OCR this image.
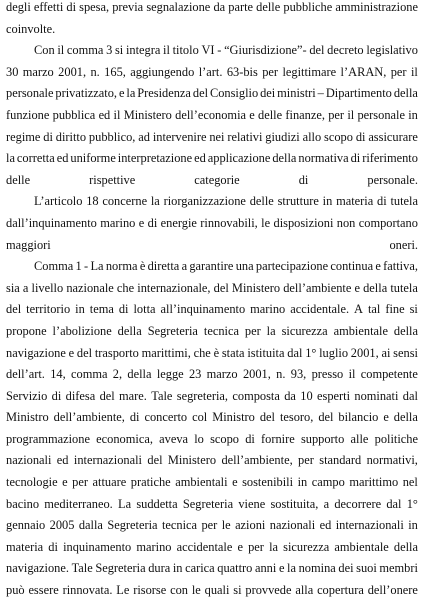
degli effetti di spesa, previa segnalazione da parte delle pubbliche amministrazione
coinvolte.
Con il comma 3 si integra il titolo VI - “Giurisdizione”- del decreto legislativo
30 marzo 2001, n. 165, aggiungendo l’art. 63-bis per legittimare l’ARAN, per il
personale privatizzato, e la Presidenza del Consiglio dei ministri – Dipartimento della
funzione pubblica ed il Ministero dell’economia e delle finanze, per il personale in
regime di diritto pubblico, ad intervenire nei relativi giudizi allo scopo di assicurare
la corretta ed uniforme interpretazione ed applicazione della normativa di riferimento
delle rispettive categorie di personale.
L’articolo 18 concerne la riorganizzazione delle strutture in materia di tutela
dall’inquinamento marino e di energie rinnovabili, le disposizioni non comportano
maggiori oneri.
Comma 1 - La norma è diretta a garantire una partecipazione continua e fattiva,
sia a livello nazionale che internazionale, del Ministero dell’ambiente e della tutela
del territorio in tema di lotta all’inquinamento marino accidentale. A tal fine si
propone l’abolizione della Segreteria tecnica per la sicurezza ambientale della
navigazione e del trasporto marittimi, che è stata istituita dal 1° luglio 2001, ai sensi
dell’art. 14, comma 2, della legge 23 marzo 2001, n. 93, presso il competente
Servizio di difesa del mare. Tale segreteria, composta da 10 esperti nominati dal
Ministro dell’ambiente, di concerto col Ministro del tesoro, del bilancio e della
programmazione economica, aveva lo scopo di fornire supporto alle politiche
nazionali ed internazionali del Ministero dell’ambiente, per standard normativi,
tecnologie e per attuare pratiche ambientali e sostenibili in campo marittimo nel
bacino mediterraneo. La suddetta Segreteria viene sostituita, a decorrere dal 1°
gennaio 2005 dalla Segreteria tecnica per le azioni nazionali ed internazionali in
materia di inquinamento marino accidentale e per la sicurezza ambientale della
navigazione. Tale Segreteria dura in carica quattro anni e la nomina dei suoi membri
può essere rinnovata. Le risorse con le quali si provvede alla copertura dell’onere
